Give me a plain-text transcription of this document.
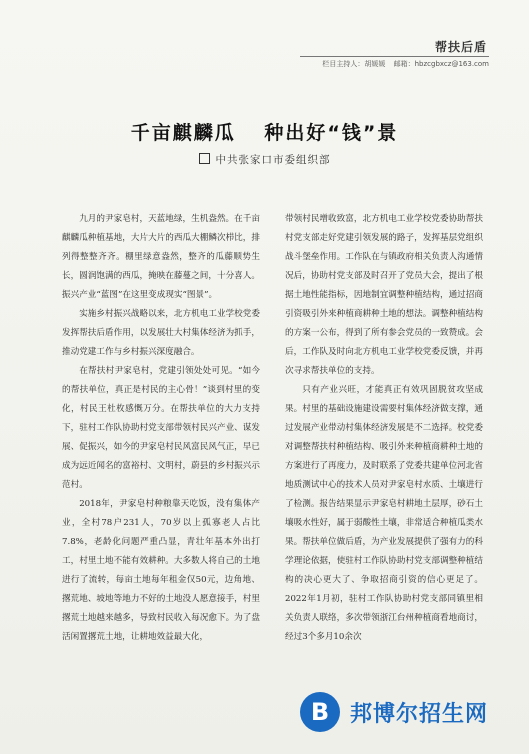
帮扶后盾
栏目主持人：胡媛媛 邮箱：hbzcgbxcz@163.com
千亩麒麟瓜 种出好“钱”景
中共张家口市委组织部

九月的尹家皂村，天蓝地绿，生机盎然。在千亩麒麟瓜种植基地，大片大片的西瓜大棚鳞次栉比，排列得整整齐齐。棚里绿意盎然，整齐的瓜藤顺势生长，圆润饱满的西瓜，掩映在藤蔓之间，十分喜人。振兴产业“蓝图”在这里变成现实“图景”。

实施乡村振兴战略以来，北方机电工业学校党委发挥帮扶后盾作用，以发展壮大村集体经济为抓手，推动党建工作与乡村振兴深度融合。

在帮扶村尹家皂村，党建引领处处可见。“如今的帮扶单位，真正是村民的主心骨！”谈到村里的变化，村民王杜枚感慨万分。在帮扶单位的大力支持下，驻村工作队协助村党支部带领村民兴产业、谋发展、促振兴，如今的尹家皂村民风富民风气正，早已成为远近闻名的富裕村、文明村，蔚县的乡村振兴示范村。

2018年，尹家皂村种粮靠天吃饭，没有集体产业，全村78户231人，70岁以上孤寡老人占比7.8%，老龄化问题严重凸显，青壮年基本外出打工，村里土地不能有效耕种。大多数人将自己的土地进行了流转，每亩土地每年租金仅50元，边角地、撂荒地、坡地等地力不好的土地没人愿意接手，村里撂荒土地越来越多，导致村民收入每况愈下。为了盘活闲置撂荒土地，让耕地效益最大化，

带领村民增收致富，北方机电工业学校党委协助帮扶村党支部走好党建引领发展的路子，发挥基层党组织战斗堡垒作用。工作队在与镇政府相关负责人沟通情况后，协助村党支部及时召开了党员大会，提出了根据土地性能指标，因地制宜调整种植结构，通过招商引资吸引外来种植商耕种土地的想法。调整种植结构的方案一公布，得到了所有参会党员的一致赞成。会后，工作队及时向北方机电工业学校党委反馈，并再次寻求帮扶单位的支持。

只有产业兴旺，才能真正有效巩固脱贫攻坚成果。村里的基础设施建设需要村集体经济做支撑，通过发展产业带动村集体经济发展是不二选择。校党委对调整帮扶村种植结构、吸引外来种植商耕种土地的方案进行了再度力，及时联系了党委共建单位河北省地质测试中心的技术人员对尹家皂村水质、土壤进行了检测。报告结果显示尹家皂村耕地土层厚，砂石土壤吸水性好，属于弱酸性土壤，非常适合种植瓜类水果。帮扶单位做后盾，为产业发展提供了强有力的科学理论依据，使驻村工作队协助村党支部调整种植结构的决心更大了、争取招商引资的信心更足了。2022年1月初，驻村工作队协助村党支部同镇里相关负责人联络，多次带领浙江台州种植商看地商讨，经过3个多月10余次

B 邦博尔招生网
